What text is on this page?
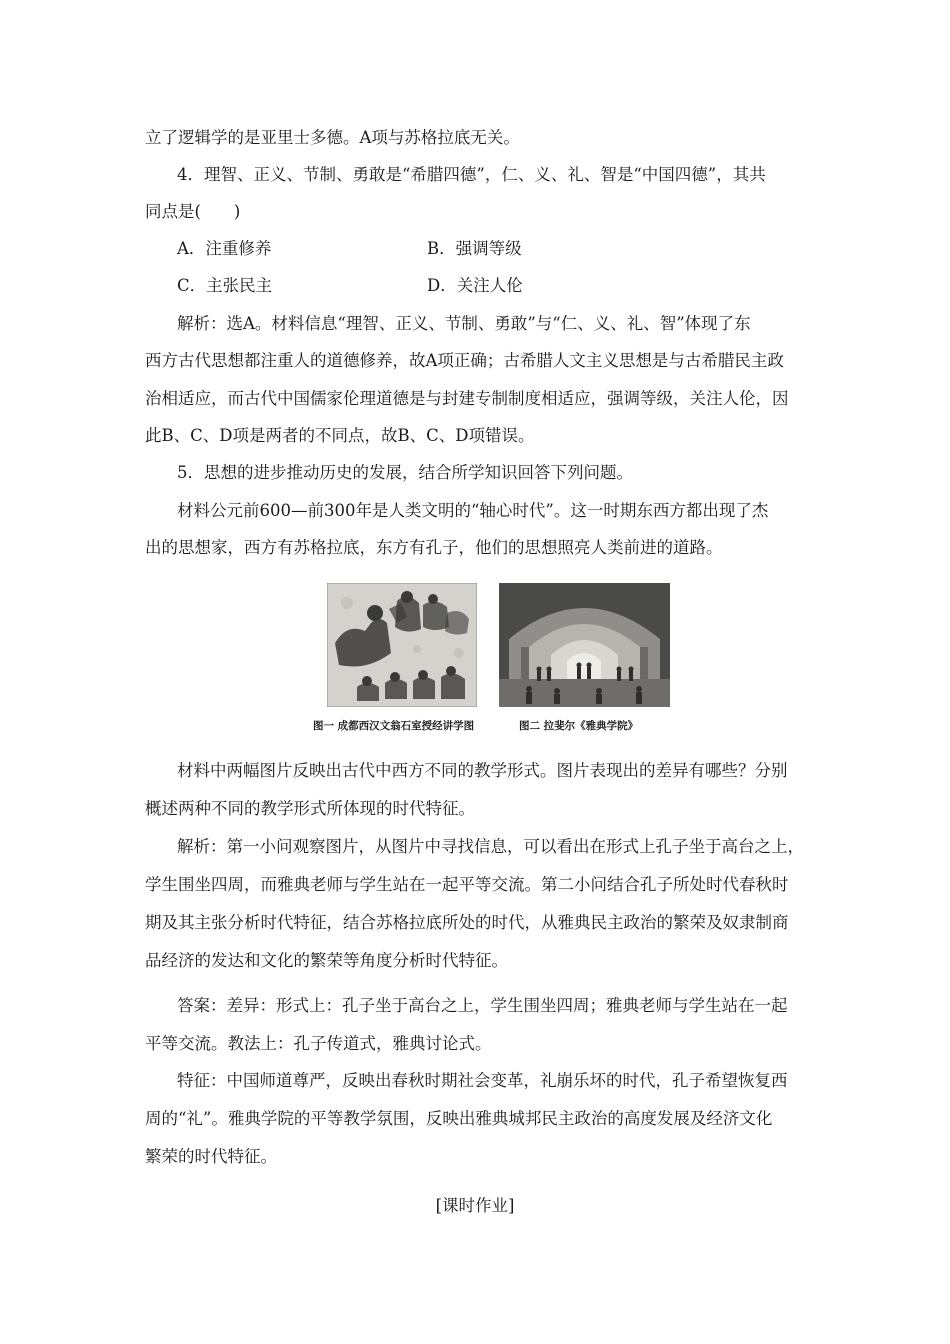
立了逻辑学的是亚里士多德。A项与苏格拉底无关。
4．理智、正义、节制、勇敢是“希腊四德”，仁、义、礼、智是“中国四德”，其共
同点是(　　)
A．注重修养	B．强调等级
C．主张民主	D．关注人伦
解析：选A。材料信息“理智、正义、节制、勇敢”与“仁、义、礼、智”体现了东
西方古代思想都注重人的道德修养，故A项正确；古希腊人文主义思想是与古希腊民主政
治相适应，而古代中国儒家伦理道德是与封建专制制度相适应，强调等级，关注人伦，因
此B、C、D项是两者的不同点，故B、C、D项错误。
5．思想的进步推动历史的发展，结合所学知识回答下列问题。
材料公元前600—前300年是人类文明的“轴心时代”。这一时期东西方都出现了杰
出的思想家，西方有苏格拉底，东方有孔子，他们的思想照亮人类前进的道路。
图一 成都西汉文翁石室授经讲学图	图二 拉斐尔《雅典学院》
材料中两幅图片反映出古代中西方不同的教学形式。图片表现出的差异有哪些？分别
概述两种不同的教学形式所体现的时代特征。
解析：第一小问观察图片，从图片中寻找信息，可以看出在形式上孔子坐于高台之上，
学生围坐四周，而雅典老师与学生站在一起平等交流。第二小问结合孔子所处时代春秋时
期及其主张分析时代特征，结合苏格拉底所处的时代，从雅典民主政治的繁荣及奴隶制商
品经济的发达和文化的繁荣等角度分析时代特征。
答案：差异：形式上：孔子坐于高台之上，学生围坐四周；雅典老师与学生站在一起
平等交流。教法上：孔子传道式，雅典讨论式。
特征：中国师道尊严，反映出春秋时期社会变革，礼崩乐坏的时代，孔子希望恢复西
周的“礼”。雅典学院的平等教学氛围，反映出雅典城邦民主政治的高度发展及经济文化
繁荣的时代特征。
[课时作业]
